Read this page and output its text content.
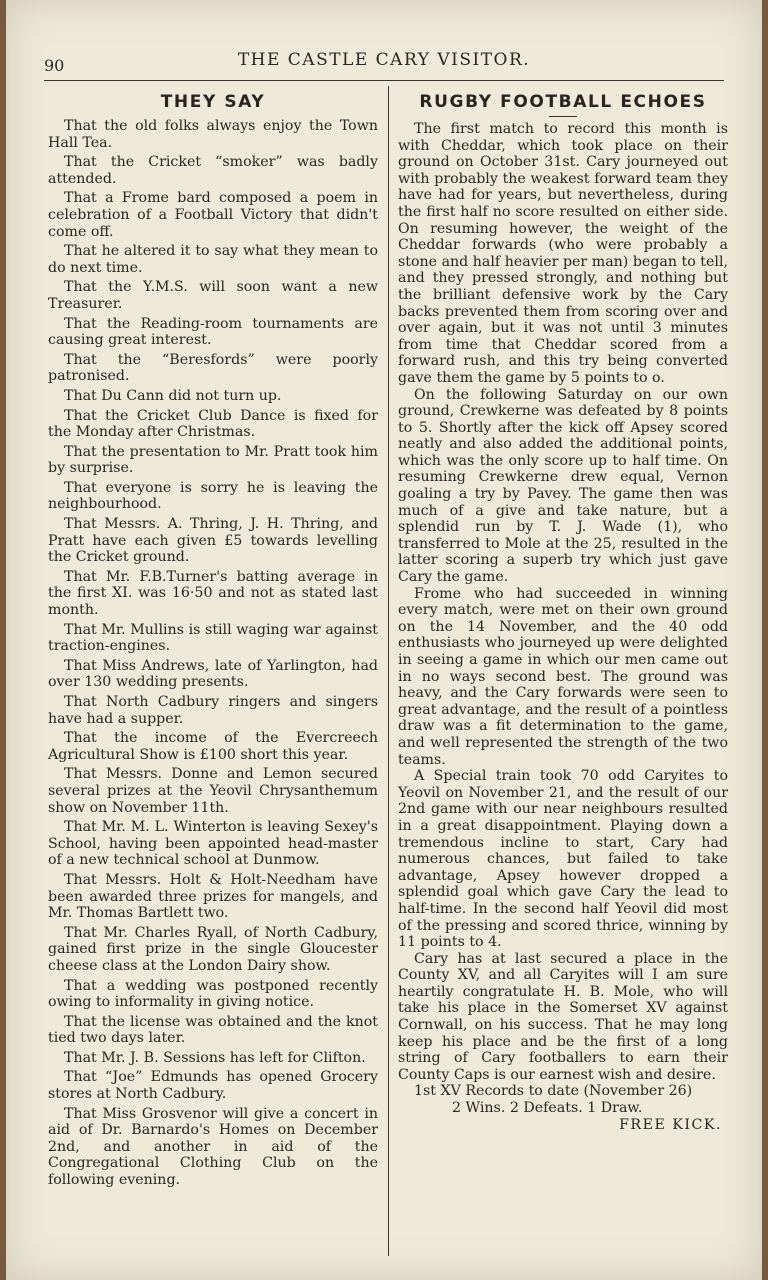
90	THE CASTLE CARY VISITOR.
THEY SAY

That the old folks always enjoy the Town Hall Tea.

That the Cricket “smoker” was badly attended.

That a Frome bard composed a poem in celebration of a Football Victory that didn't come off.

That he altered it to say what they mean to do next time.

That the Y.M.S. will soon want a new Treasurer.

That the Reading-room tournaments are causing great interest.

That the “Beresfords” were poorly patronised.

That Du Cann did not turn up.

That the Cricket Club Dance is fixed for the Monday after Christmas.

That the presentation to Mr. Pratt took him by surprise.

That everyone is sorry he is leaving the neighbourhood.

That Messrs. A. Thring, J. H. Thring, and Pratt have each given £5 towards levelling the Cricket ground.

That Mr. F.B.Turner's batting average in the first XI. was 16·50 and not as stated last month.

That Mr. Mullins is still waging war against traction-engines.

That Miss Andrews, late of Yarlington, had over 130 wedding presents.

That North Cadbury ringers and singers have had a supper.

That the income of the Evercreech Agricultural Show is £100 short this year.

That Messrs. Donne and Lemon secured several prizes at the Yeovil Chrysanthemum show on November 11th.

That Mr. M. L. Winterton is leaving Sexey's School, having been appointed head-master of a new technical school at Dunmow.

That Messrs. Holt & Holt-Needham have been awarded three prizes for mangels, and Mr. Thomas Bartlett two.

That Mr. Charles Ryall, of North Cadbury, gained first prize in the single Gloucester cheese class at the London Dairy show.

That a wedding was postponed recently owing to informality in giving notice.

That the license was obtained and the knot tied two days later.

That Mr. J. B. Sessions has left for Clifton.

That “Joe” Edmunds has opened Grocery stores at North Cadbury.

That Miss Grosvenor will give a concert in aid of Dr. Barnardo's Homes on December 2nd, and another in aid of the Congregational Clothing Club on the following evening.

RUGBY FOOTBALL ECHOES

The first match to record this month is with Cheddar, which took place on their ground on October 31st. Cary journeyed out with probably the weakest forward team they have had for years, but nevertheless, during the first half no score resulted on either side. On resuming however, the weight of the Cheddar forwards (who were probably a stone and half heavier per man) began to tell, and they pressed strongly, and nothing but the brilliant defensive work by the Cary backs prevented them from scoring over and over again, but it was not until 3 minutes from time that Cheddar scored from a forward rush, and this try being converted gave them the game by 5 points to o.

On the following Saturday on our own ground, Crewkerne was defeated by 8 points to 5. Shortly after the kick off Apsey scored neatly and also added the additional points, which was the only score up to half time. On resuming Crewkerne drew equal, Vernon goaling a try by Pavey. The game then was much of a give and take nature, but a splendid run by T. J. Wade (1), who transferred to Mole at the 25, resulted in the latter scoring a superb try which just gave Cary the game.

Frome who had succeeded in winning every match, were met on their own ground on the 14 November, and the 40 odd enthusiasts who journeyed up were delighted in seeing a game in which our men came out in no ways second best. The ground was heavy, and the Cary forwards were seen to great advantage, and the result of a pointless draw was a fit determination to the game, and well represented the strength of the two teams.

A Special train took 70 odd Caryites to Yeovil on November 21, and the result of our 2nd game with our near neighbours resulted in a great disappointment. Playing down a tremendous incline to start, Cary had numerous chances, but failed to take advantage, Apsey however dropped a splendid goal which gave Cary the lead to half-time. In the second half Yeovil did most of the pressing and scored thrice, winning by 11 points to 4.

Cary has at last secured a place in the County XV, and all Caryites will I am sure heartily congratulate H. B. Mole, who will take his place in the Somerset XV against Cornwall, on his success. That he may long keep his place and be the first of a long string of Cary footballers to earn their County Caps is our earnest wish and desire.

1st XV Records to date (November 26)
2 Wins. 2 Defeats. 1 Draw.
FREE KICK.
